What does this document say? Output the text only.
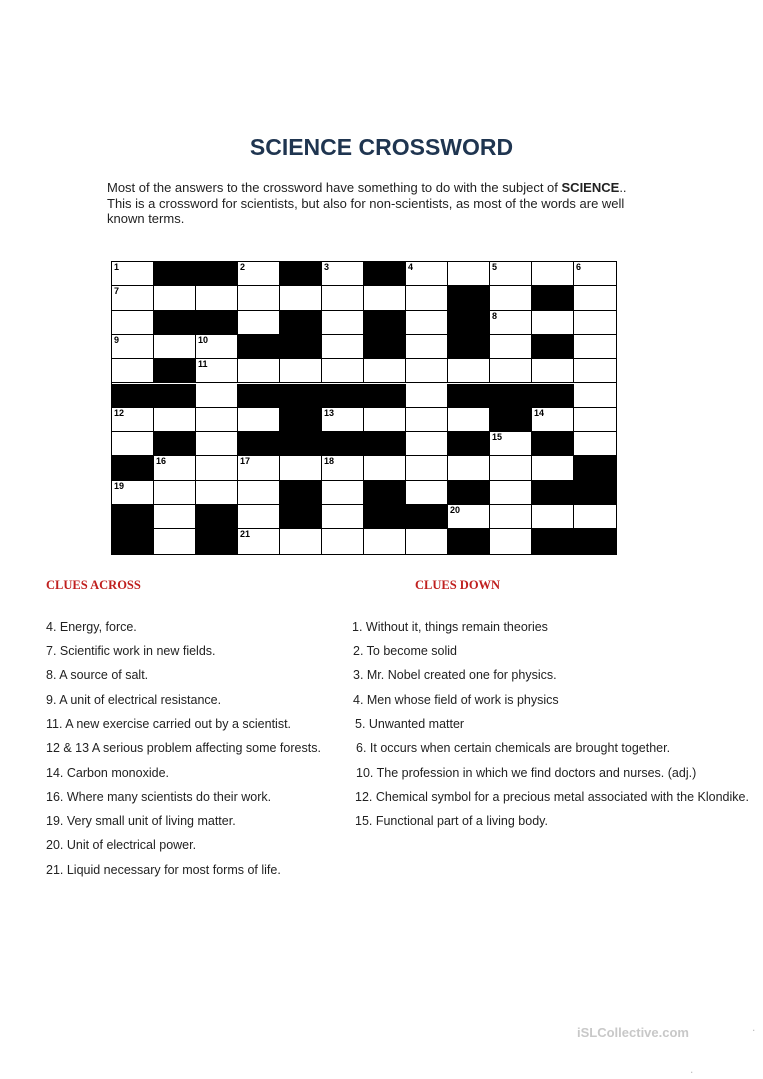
SCIENCE CROSSWORD
Most of the answers to the crossword have something to do with the subject of SCIENCE..
This is a crossword for scientists, but also for non-scientists, as most of the words are well known terms.
1	2	3	4	5	6
7
8
9	10
11
12	13	14
15
16	17	18
19
20
21
CLUES ACROSS	CLUES DOWN
4. Energy, force.
7. Scientific work in new fields.
8. A source of salt.
9. A unit of electrical resistance.
11. A new exercise carried out by a scientist.
12 & 13 A serious problem affecting some forests.
14. Carbon monoxide.
16. Where many scientists do their work.
19. Very small unit of living matter.
20. Unit of electrical power.
21. Liquid necessary for most forms of life.
1. Without it, things remain theories
2. To become solid
3. Mr. Nobel created one for physics.
4. Men whose field of work is physics
5. Unwanted matter
6. It occurs when certain chemicals are brought together.
10. The profession in which we find doctors and nurses. (adj.)
12. Chemical symbol for a precious metal associated with the Klondike.
15. Functional part of a living body.
iSLCollective.com	.
.
